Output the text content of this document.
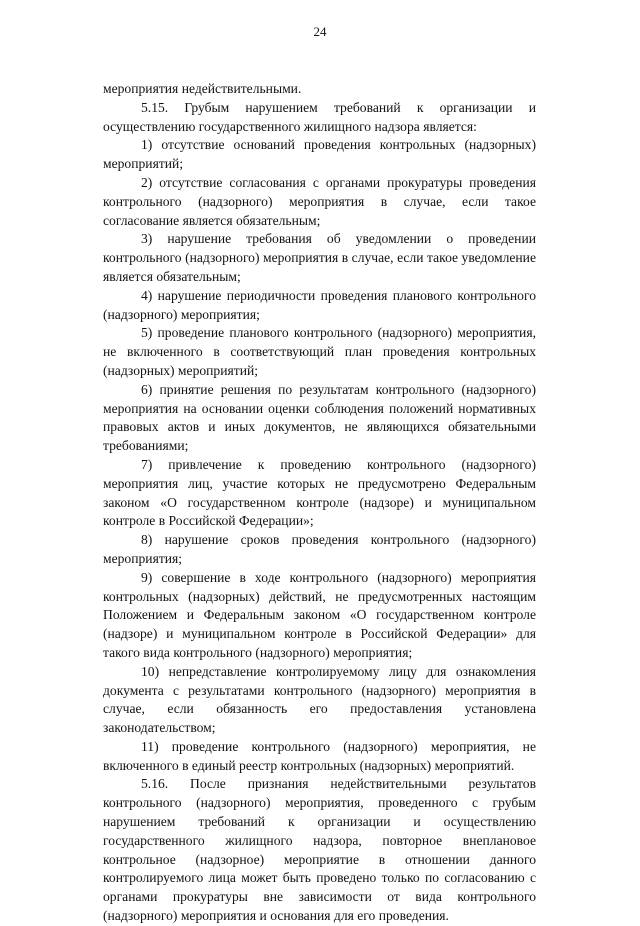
24

мероприятия недействительными.

5.15. Грубым нарушением требований к организации и осуществлению государственного жилищного надзора является:

1) отсутствие оснований проведения контрольных (надзорных) мероприятий;

2) отсутствие согласования с органами прокуратуры проведения контрольного (надзорного) мероприятия в случае, если такое согласование является обязательным;

3) нарушение требования об уведомлении о проведении контрольного (надзорного) мероприятия в случае, если такое уведомление является обязательным;

4) нарушение периодичности проведения планового контрольного (надзорного) мероприятия;

5) проведение планового контрольного (надзорного) мероприятия, не включенного в соответствующий план проведения контрольных (надзорных) мероприятий;

6) принятие решения по результатам контрольного (надзорного) мероприятия на основании оценки соблюдения положений нормативных правовых актов и иных документов, не являющихся обязательными требованиями;

7) привлечение к проведению контрольного (надзорного) мероприятия лиц, участие которых не предусмотрено Федеральным законом «О государственном контроле (надзоре) и муниципальном контроле в Российской Федерации»;

8) нарушение сроков проведения контрольного (надзорного) мероприятия;

9) совершение в ходе контрольного (надзорного) мероприятия контрольных (надзорных) действий, не предусмотренных настоящим Положением и Федеральным законом «О государственном контроле (надзоре) и муниципальном контроле в Российской Федерации» для такого вида контрольного (надзорного) мероприятия;

10) непредставление контролируемому лицу для ознакомления документа с результатами контрольного (надзорного) мероприятия в случае, если обязанность его предоставления установлена законодательством;

11) проведение контрольного (надзорного) мероприятия, не включенного в единый реестр контрольных (надзорных) мероприятий.

5.16. После признания недействительными результатов контрольного (надзорного) мероприятия, проведенного с грубым нарушением требований к организации и осуществлению государственного жилищного надзора, повторное внеплановое контрольное (надзорное) мероприятие в отношении данного контролируемого лица может быть проведено только по согласованию с органами прокуратуры вне зависимости от вида контрольного (надзорного) мероприятия и основания для его проведения.
